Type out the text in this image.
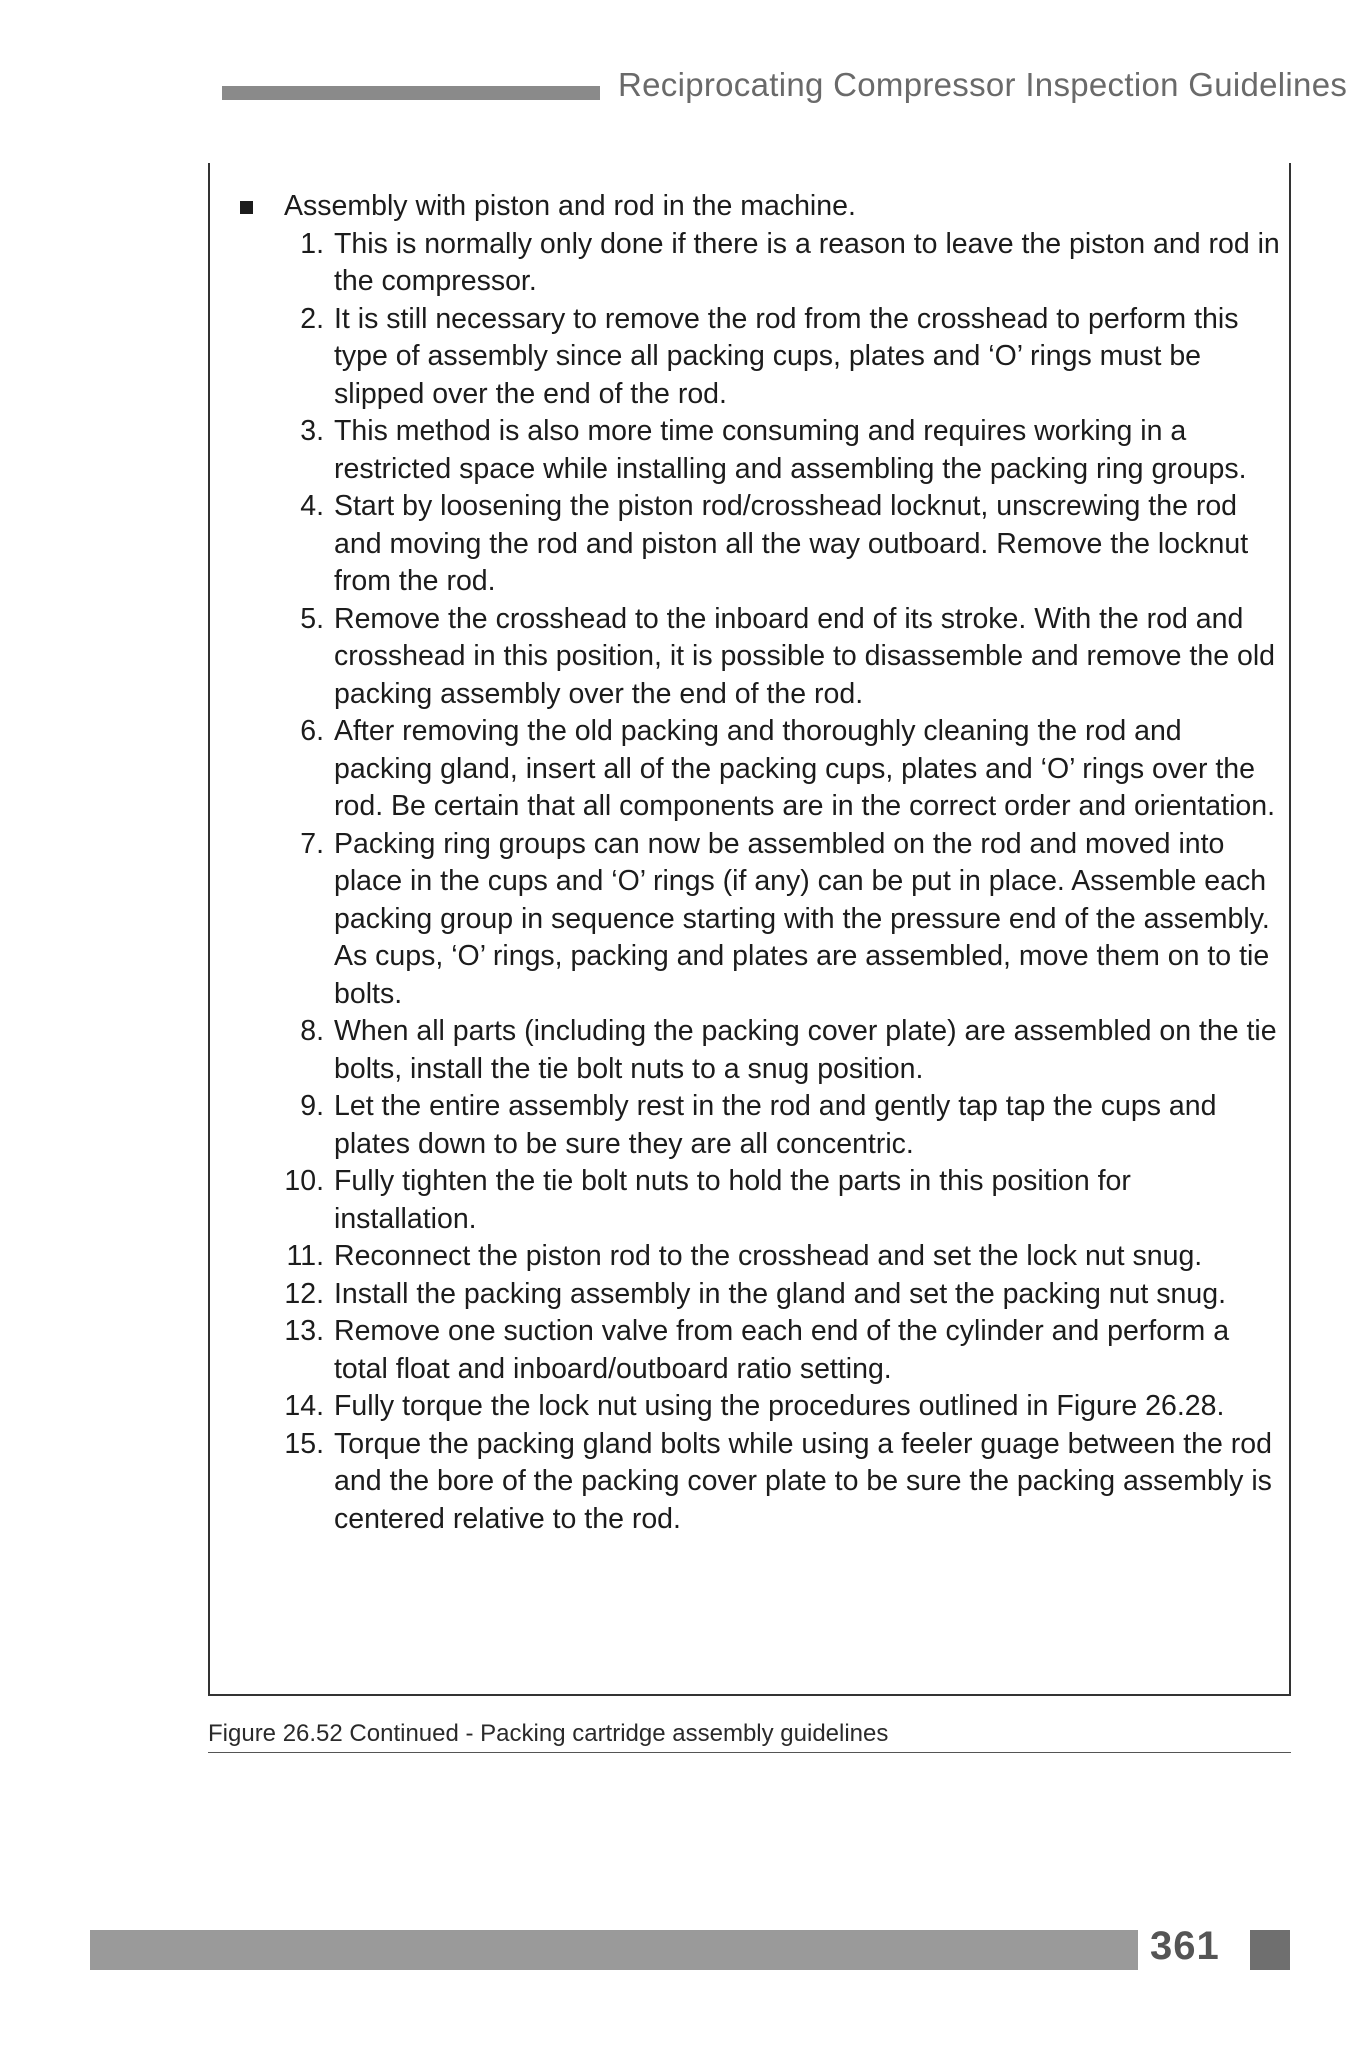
Reciprocating Compressor Inspection Guidelines
Assembly with piston and rod in the machine.
1. This is normally only done if there is a reason to leave the piston and rod in the compressor.
2. It is still necessary to remove the rod from the crosshead to perform this type of assembly since all packing cups, plates and ‘O’ rings must be slipped over the end of the rod.
3. This method is also more time consuming and requires working in a restricted space while installing and assembling the packing ring groups.
4. Start by loosening the piston rod/crosshead locknut, unscrewing the rod and moving the rod and piston all the way outboard. Remove the locknut from the rod.
5. Remove the crosshead to the inboard end of its stroke. With the rod and crosshead in this position, it is possible to disassemble and remove the old packing assembly over the end of the rod.
6. After removing the old packing and thoroughly cleaning the rod and packing gland, insert all of the packing cups, plates and ‘O’ rings over the rod. Be certain that all components are in the correct order and orientation.
7. Packing ring groups can now be assembled on the rod and moved into place in the cups and ‘O’ rings (if any) can be put in place. Assemble each packing group in sequence starting with the pressure end of the assembly. As cups, ‘O’ rings, packing and plates are assembled, move them on to tie bolts.
8. When all parts (including the packing cover plate) are assembled on the tie bolts, install the tie bolt nuts to a snug position.
9. Let the entire assembly rest in the rod and gently tap tap the cups and plates down to be sure they are all concentric.
10. Fully tighten the tie bolt nuts to hold the parts in this position for installation.
11. Reconnect the piston rod to the crosshead and set the lock nut snug.
12. Install the packing assembly in the gland and set the packing nut snug.
13. Remove one suction valve from each end of the cylinder and perform a total float and inboard/outboard ratio setting.
14. Fully torque the lock nut using the procedures outlined in Figure 26.28.
15. Torque the packing gland bolts while using a feeler guage between the rod and the bore of the packing cover plate to be sure the packing assembly is centered relative to the rod.
Figure 26.52 Continued - Packing cartridge assembly guidelines
361
